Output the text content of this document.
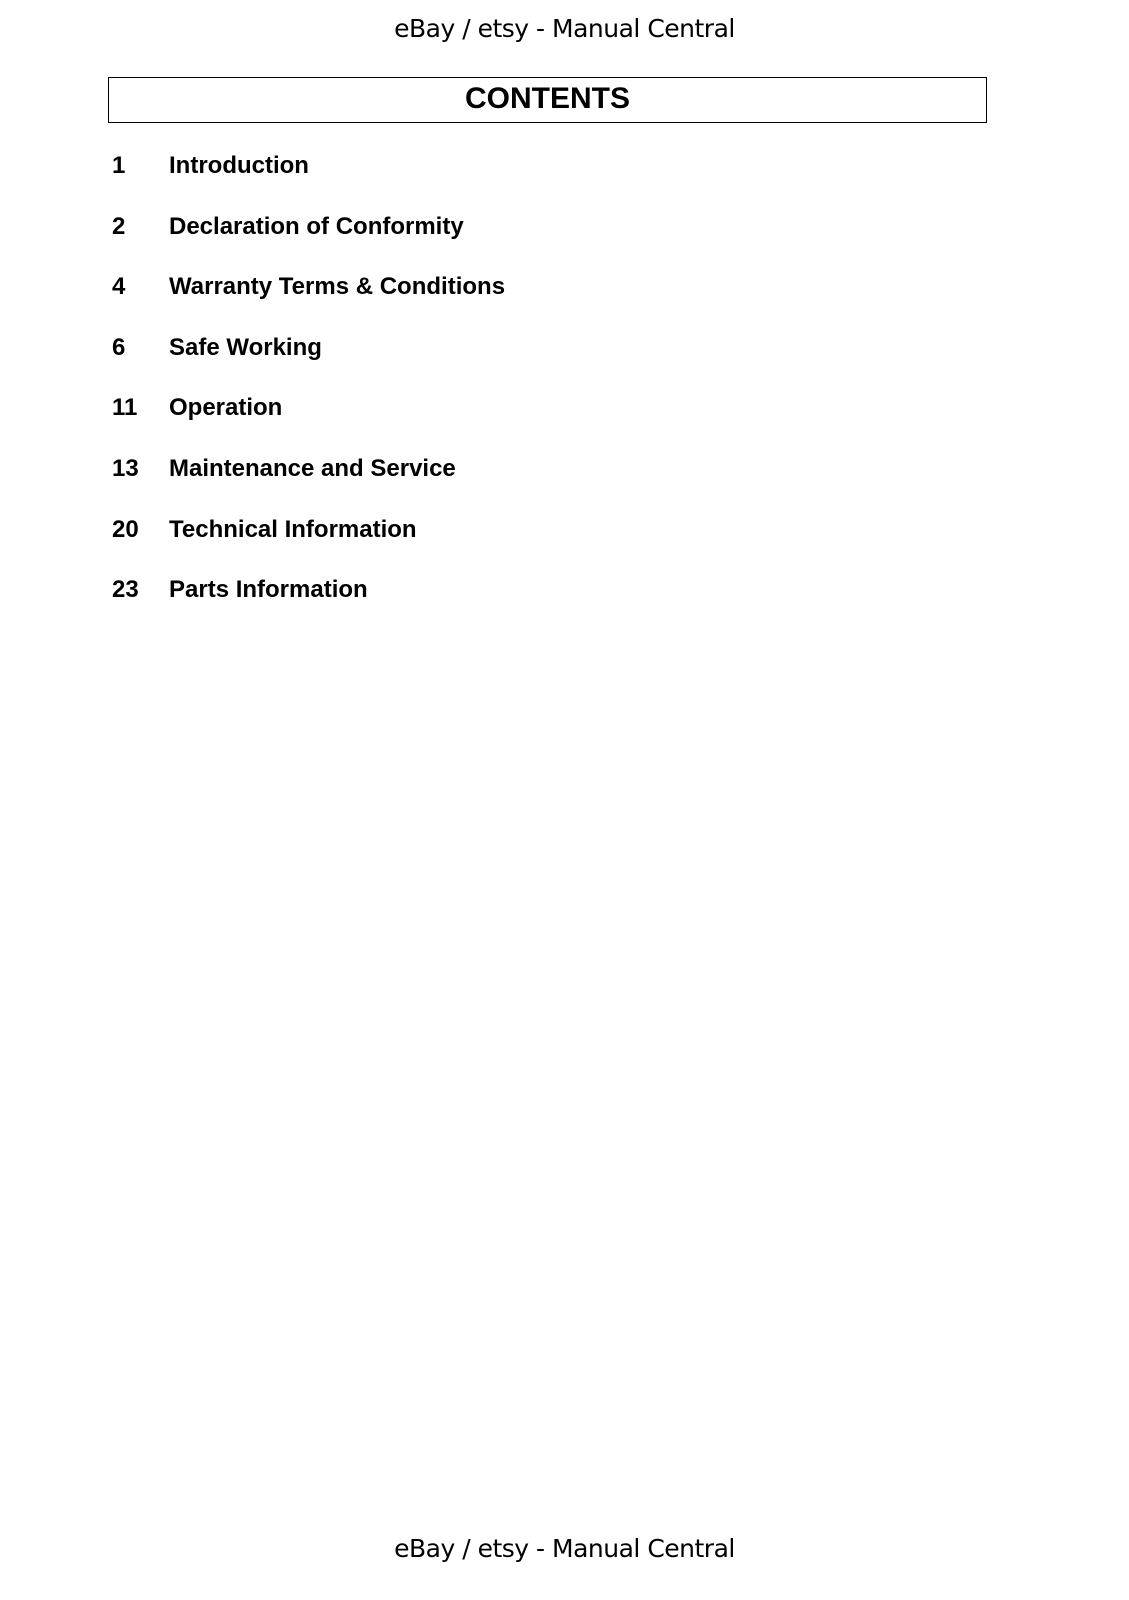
eBay / etsy - Manual Central
CONTENTS
1	Introduction
2	Declaration of Conformity
4	Warranty Terms & Conditions
6	Safe Working
11	Operation
13	Maintenance and Service
20	Technical Information
23	Parts Information
eBay / etsy - Manual Central
